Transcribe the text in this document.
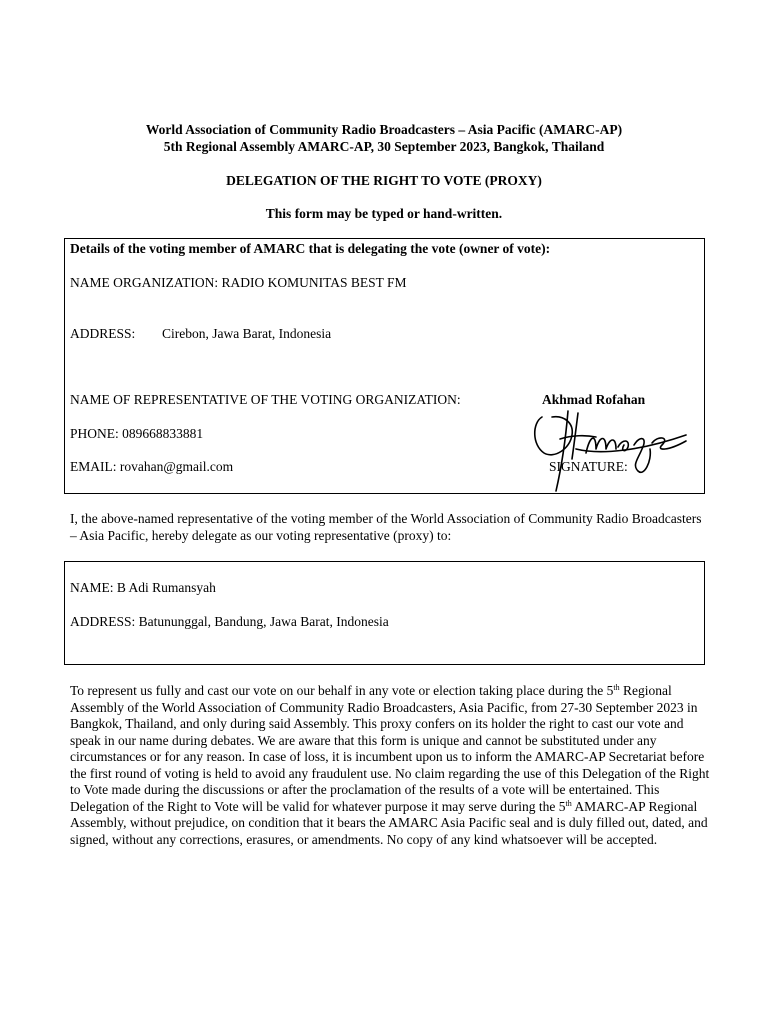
World Association of Community Radio Broadcasters – Asia Pacific (AMARC-AP)
5th Regional Assembly AMARC-AP, 30 September 2023, Bangkok, Thailand
DELEGATION OF THE RIGHT TO VOTE (PROXY)
This form may be typed or hand-written.
Details of the voting member of AMARC that is delegating the vote (owner of vote):
NAME ORGANIZATION: RADIO KOMUNITAS BEST FM
ADDRESS: Cirebon, Jawa Barat, Indonesia
NAME OF REPRESENTATIVE OF THE VOTING ORGANIZATION:	Akhmad Rofahan
PHONE: 089668833881
EMAIL: rovahan@gmail.com	SIGNATURE:
I, the above-named representative of the voting member of the World Association of Community Radio Broadcasters – Asia Pacific, hereby delegate as our voting representative (proxy) to:
NAME: B Adi Rumansyah
ADDRESS: Batununggal, Bandung, Jawa Barat, Indonesia
To represent us fully and cast our vote on our behalf in any vote or election taking place during the 5th Regional Assembly of the World Association of Community Radio Broadcasters, Asia Pacific, from 27-30 September 2023 in Bangkok, Thailand, and only during said Assembly. This proxy confers on its holder the right to cast our vote and speak in our name during debates. We are aware that this form is unique and cannot be substituted under any circumstances or for any reason. In case of loss, it is incumbent upon us to inform the AMARC-AP Secretariat before the first round of voting is held to avoid any fraudulent use. No claim regarding the use of this Delegation of the Right to Vote made during the discussions or after the proclamation of the results of a vote will be entertained. This Delegation of the Right to Vote will be valid for whatever purpose it may serve during the 5th AMARC-AP Regional Assembly, without prejudice, on condition that it bears the AMARC Asia Pacific seal and is duly filled out, dated, and signed, without any corrections, erasures, or amendments. No copy of any kind whatsoever will be accepted.
